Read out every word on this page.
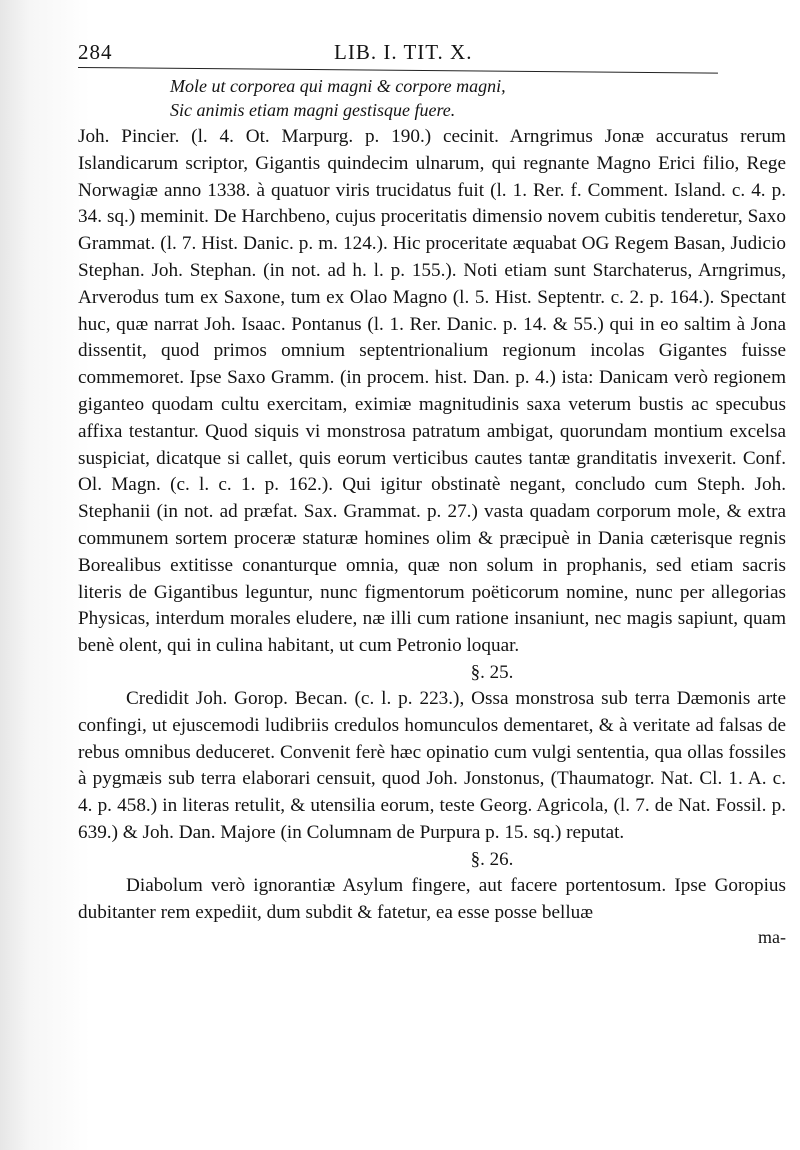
284	LIB. I. TIT. X.
Mole ut corporea qui magni & corpore magni,
Sic animis etiam magni gestisque fuere.

Joh. Pincier. (l. 4. Ot. Marpurg. p. 190.) cecinit. Arngrimus Jonæ accuratus rerum Islandicarum scriptor, Gigantis quindecim ulnarum, qui regnante Magno Erici filio, Rege Norwagiæ anno 1338. à quatuor viris trucidatus fuit (l. 1. Rer. f. Comment. Island. c. 4. p. 34. sq.) meminit. De Harchbeno, cujus proceritatis dimensio novem cubitis tenderetur, Saxo Grammat. (l. 7. Hist. Danic. p. m. 124.). Hic proceritate æquabat OG Regem Basan, Judicio Stephan. Joh. Stephan. (in not. ad h. l. p. 155.). Noti etiam sunt Starchaterus, Arngrimus, Arverodus tum ex Saxone, tum ex Olao Magno (l. 5. Hist. Septentr. c. 2. p. 164.). Spectant huc, quæ narrat Joh. Isaac. Pontanus (l. 1. Rer. Danic. p. 14. & 55.) qui in eo saltim à Jona dissentit, quod primos omnium septentrionalium regionum incolas Gigantes fuisse commemoret. Ipse Saxo Gramm. (in procem. hist. Dan. p. 4.) ista: Danicam verò regionem giganteo quodam cultu exercitam, eximiæ magnitudinis saxa veterum bustis ac specubus affixa testantur. Quod siquis vi monstrosa patratum ambigat, quorundam montium excelsa suspiciat, dicatque si callet, quis eorum verticibus cautes tantæ granditatis invexerit. Conf. Ol. Magn. (c. l. c. 1. p. 162.). Qui igitur obstinatè negant, concludo cum Steph. Joh. Stephanii (in not. ad præfat. Sax. Grammat. p. 27.) vasta quadam corporum mole, & extra communem sortem proceræ staturæ homines olim & præcipuè in Dania cæterisque regnis Borealibus extitisse conanturque omnia, quæ non solum in prophanis, sed etiam sacris literis de Gigantibus leguntur, nunc figmentorum poëticorum nomine, nunc per allegorias Physicas, interdum morales eludere, næ illi cum ratione insaniunt, nec magis sapiunt, quam benè olent, qui in culina habitant, ut cum Petronio loquar.

§. 25.

Credidit Joh. Gorop. Becan. (c. l. p. 223.), Ossa monstrosa sub terra Dæmonis arte confingi, ut ejuscemodi ludibriis credulos homunculos dementaret, & à veritate ad falsas de rebus omnibus deduceret. Convenit ferè hæc opinatio cum vulgi sententia, qua ollas fossiles à pygmæis sub terra elaborari censuit, quod Joh. Jonstonus, (Thaumatogr. Nat. Cl. 1. A. c. 4. p. 458.) in literas retulit, & utensilia eorum, teste Georg. Agricola, (l. 7. de Nat. Fossil. p. 639.) & Joh. Dan. Majore (in Columnam de Purpura p. 15. sq.) reputat.

§. 26.

Diabolum verò ignorantiæ Asylum fingere, aut facere portentosum. Ipse Goropius dubitanter rem expediit, dum subdit & fatetur, ea esse posse belluæ

ma-
